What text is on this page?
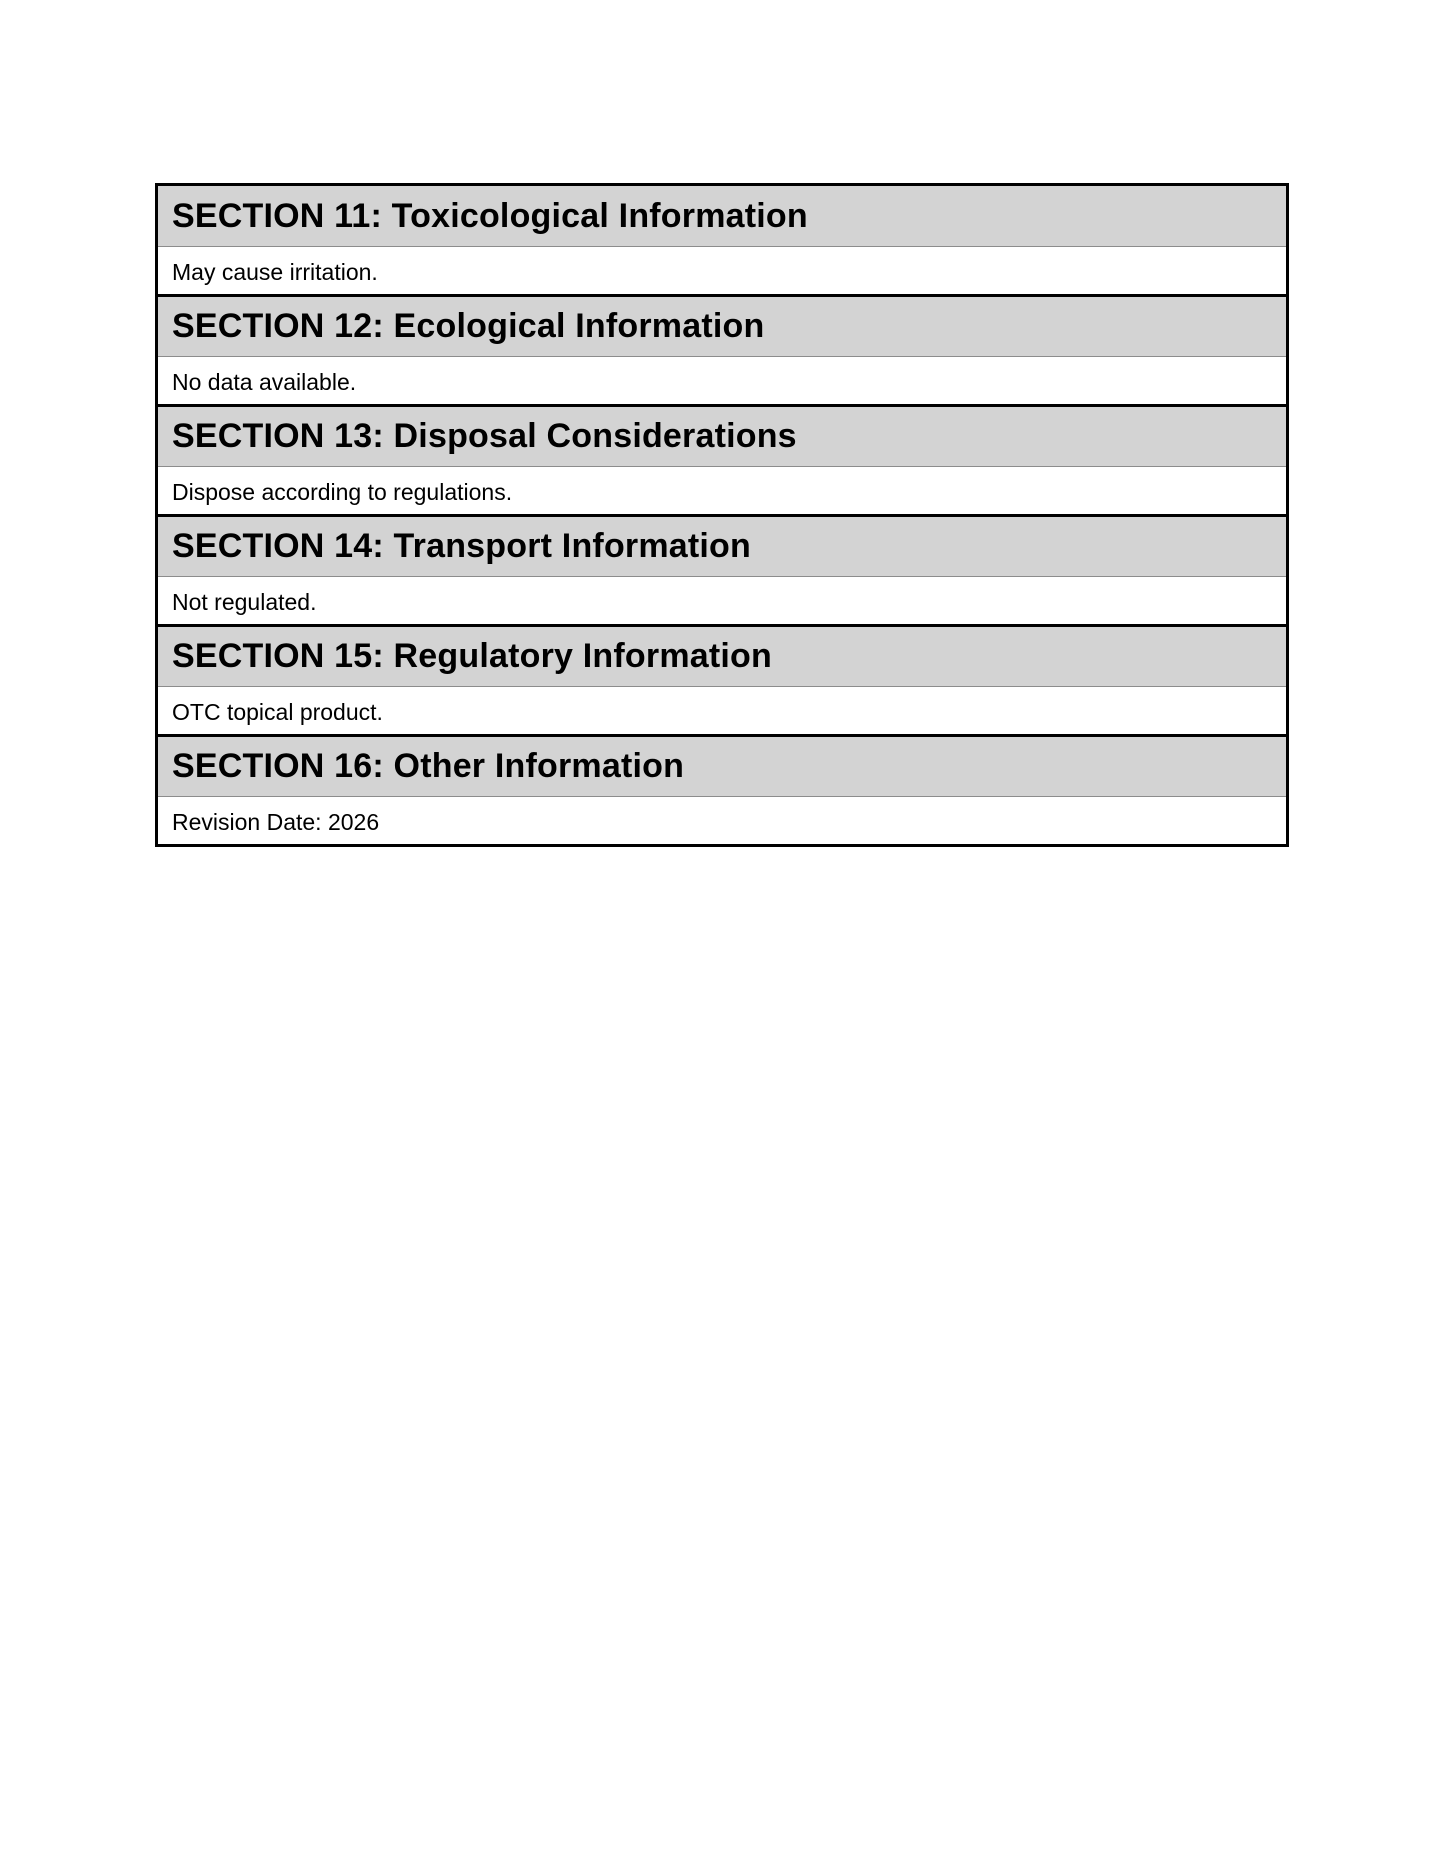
SECTION 11: Toxicological Information
May cause irritation.
SECTION 12: Ecological Information
No data available.
SECTION 13: Disposal Considerations
Dispose according to regulations.
SECTION 14: Transport Information
Not regulated.
SECTION 15: Regulatory Information
OTC topical product.
SECTION 16: Other Information
Revision Date: 2026
